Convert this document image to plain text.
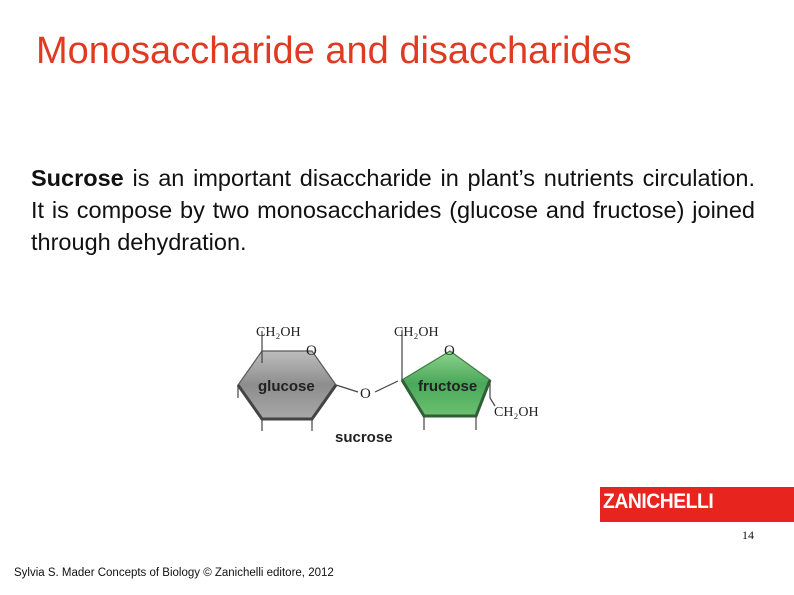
Monosaccharide and disaccharides
Sucrose is an important disaccharide in plant’s nutrients circulation. It is compose by two monosaccharides (glucose and fructose) joined through dehydration.
CH₂OH
O
glucose	O
CH₂OH
O
fructose
CH₂OH
sucrose
ZANICHELLI
14
Sylvia S. Mader Concepts of Biology © Zanichelli editore, 2012
